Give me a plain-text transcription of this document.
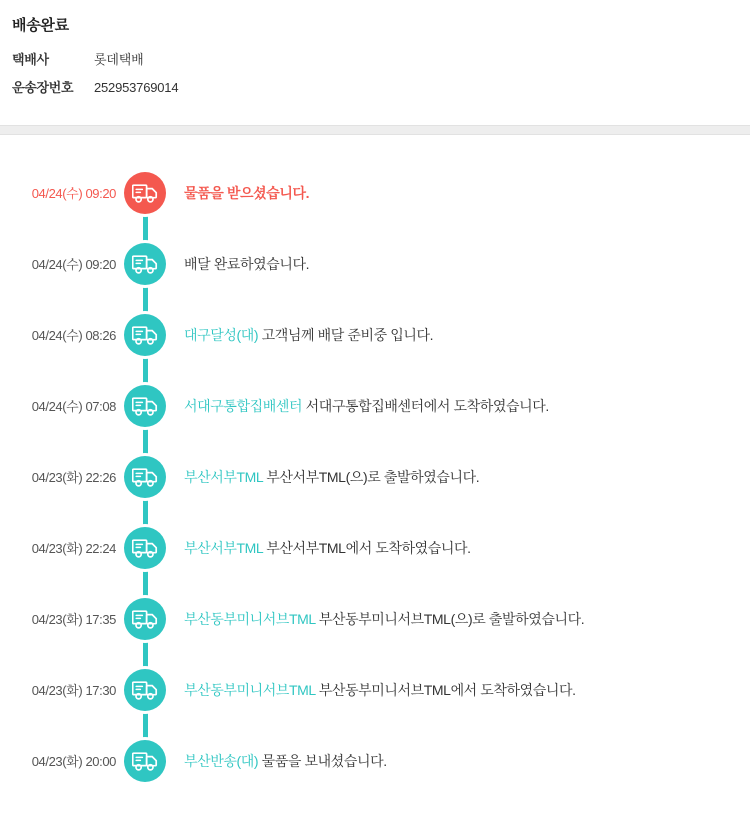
배송완료
택배사	롯데택배
운송장번호	252953769014
04/24(수) 09:20	물품을 받으셨습니다.
04/24(수) 09:20	배달 완료하였습니다.
04/24(수) 08:26	대구달성(대) 고객님께 배달 준비중 입니다.
04/24(수) 07:08	서대구통합집배센터 서대구통합집배센터에서 도착하였습니다.
04/23(화) 22:26	부산서부TML 부산서부TML(으)로 출발하였습니다.
04/23(화) 22:24	부산서부TML 부산서부TML에서 도착하였습니다.
04/23(화) 17:35	부산동부미니서브TML 부산동부미니서브TML(으)로 출발하였습니다.
04/23(화) 17:30	부산동부미니서브TML 부산동부미니서브TML에서 도착하였습니다.
04/23(화) 20:00	부산반송(대) 물품을 보내셨습니다.
